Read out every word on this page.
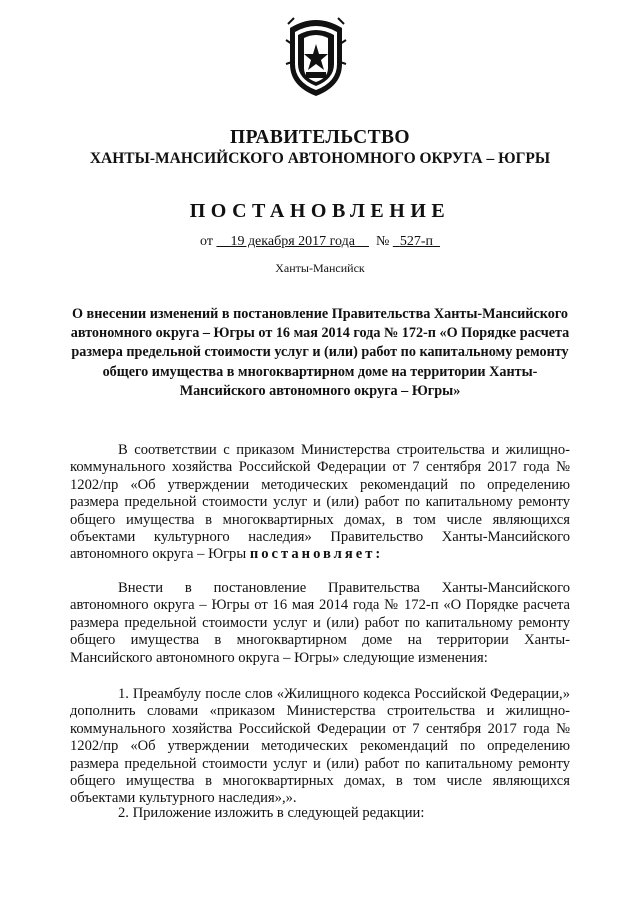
ПРАВИТЕЛЬСТВО
ХАНТЫ-МАНСИЙСКОГО АВТОНОМНОГО ОКРУГА – ЮГРЫ
ПОСТАНОВЛЕНИЕ
от 19 декабря 2017 года № 527-п
Ханты-Мансийск
О внесении изменений в постановление Правительства Ханты-Мансийского автономного округа – Югры от 16 мая 2014 года № 172-п «О Порядке расчета размера предельной стоимости услуг и (или) работ по капитальному ремонту общего имущества в многоквартирном доме на территории Ханты-Мансийского автономного округа – Югры»
В соответствии с приказом Министерства строительства и жилищно-коммунального хозяйства Российской Федерации от 7 сентября 2017 года № 1202/пр «Об утверждении методических рекомендаций по определению размера предельной стоимости услуг и (или) работ по капитальному ремонту общего имущества в многоквартирных домах, в том числе являющихся объектами культурного наследия» Правительство Ханты-Мансийского автономного округа – Югры постановляет:
Внести в постановление Правительства Ханты-Мансийского автономного округа – Югры от 16 мая 2014 года № 172-п «О Порядке расчета размера предельной стоимости услуг и (или) работ по капитальному ремонту общего имущества в многоквартирном доме на территории Ханты-Мансийского автономного округа – Югры» следующие изменения:
1. Преамбулу после слов «Жилищного кодекса Российской Федерации,» дополнить словами «приказом Министерства строительства и жилищно-коммунального хозяйства Российской Федерации от 7 сентября 2017 года № 1202/пр «Об утверждении методических рекомендаций по определению размера предельной стоимости услуг и (или) работ по капитальному ремонту общего имущества в многоквартирных домах, в том числе являющихся объектами культурного наследия»,».
2. Приложение изложить в следующей редакции:
